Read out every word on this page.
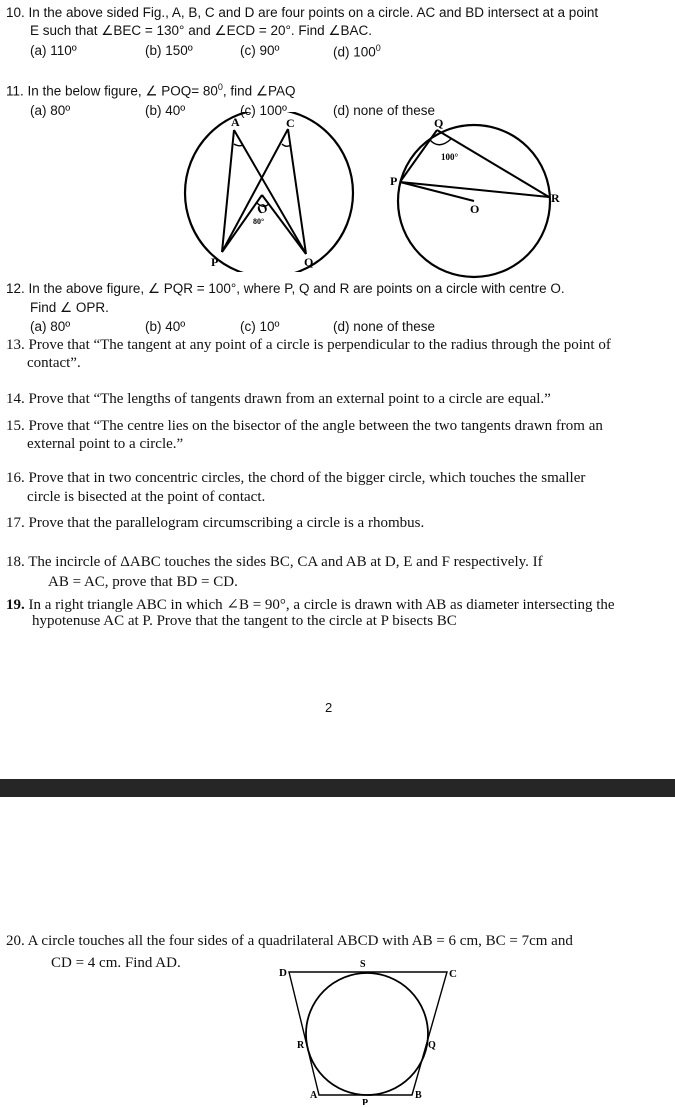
10. In the above sided Fig., A, B, C and D are four points on a circle. AC and BD intersect at a point
E such that ∠BEC = 130° and ∠ECD = 20°. Find ∠BAC.
(a) 110º	(b) 150º	(c) 90º	(d) $100^0$
11. In the below figure, ∠ $POQ= 80^0$, find ∠PAQ
(a) 80º	(b) 40º	(c) 100º	(d) none of these
A	C
O
80°
P	Q
Q
100°
P
R
O
12. In the above figure, ∠ PQR = 100°, where P, Q and R are points on a circle with centre O.
Find ∠ OPR.
(a) 80º	(b) 40º	(c) 10º	(d) none of these
13. Prove that “The tangent at any point of a circle is perpendicular to the radius through the point of
contact”.
14. Prove that “The lengths of tangents drawn from an external point to a circle are equal.”
15. Prove that “The centre lies on the bisector of the angle between the two tangents drawn from an
external point to a circle.”
16. Prove that in two concentric circles, the chord of the bigger circle, which touches the smaller
circle is bisected at the point of contact.
17. Prove that the parallelogram circumscribing a circle is a rhombus.
18. The incircle of ΔABC touches the sides BC, CA and AB at D, E and F respectively. If
AB = AC, prove that BD = CD.
19. In a right triangle ABC in which ∠B = 90°, a circle is drawn with AB as diameter intersecting the
hypotenuse AC at P. Prove that the tangent to the circle at P bisects BC
2
20. A circle touches all the four sides of a quadrilateral ABCD with AB = 6 cm, BC = 7cm and
CD = 4 cm. Find AD.
D
S
C
R	Q
A
P
B
